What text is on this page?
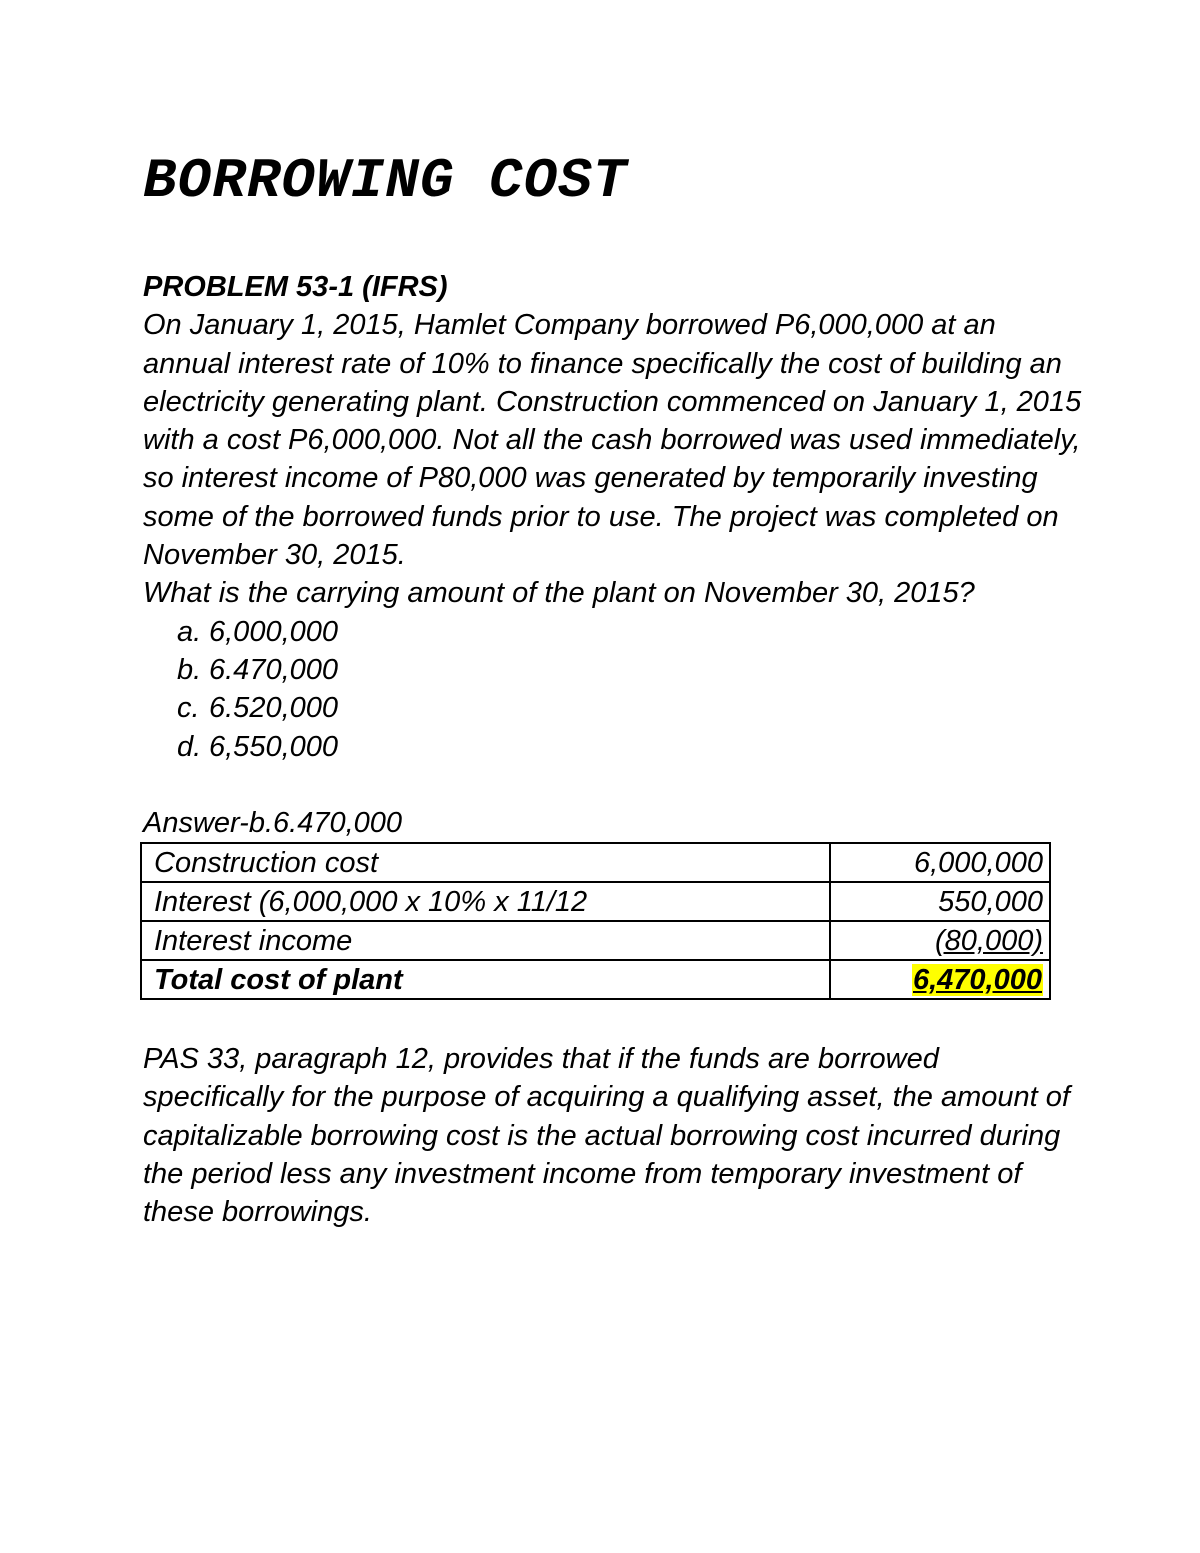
BORROWING COST

PROBLEM 53-1 (IFRS)

On January 1, 2015, Hamlet Company borrowed P6,000,000 at an annual interest rate of 10% to finance specifically the cost of building an electricity generating plant. Construction commenced on January 1, 2015 with a cost P6,000,000. Not all the cash borrowed was used immediately, so interest income of P80,000 was generated by temporarily investing some of the borrowed funds prior to use. The project was completed on November 30, 2015.

What is the carrying amount of the plant on November 30, 2015?

a. 6,000,000
b. 6.470,000
c. 6.520,000
d. 6,550,000

Answer-b.6.470,000

Construction cost	6,000,000
Interest (6,000,000 x 10% x 11/12	550,000
Interest income	(80,000)
Total cost of plant	6,470,000

PAS 33, paragraph 12, provides that if the funds are borrowed specifically for the purpose of acquiring a qualifying asset, the amount of capitalizable borrowing cost is the actual borrowing cost incurred during the period less any investment income from temporary investment of these borrowings.
